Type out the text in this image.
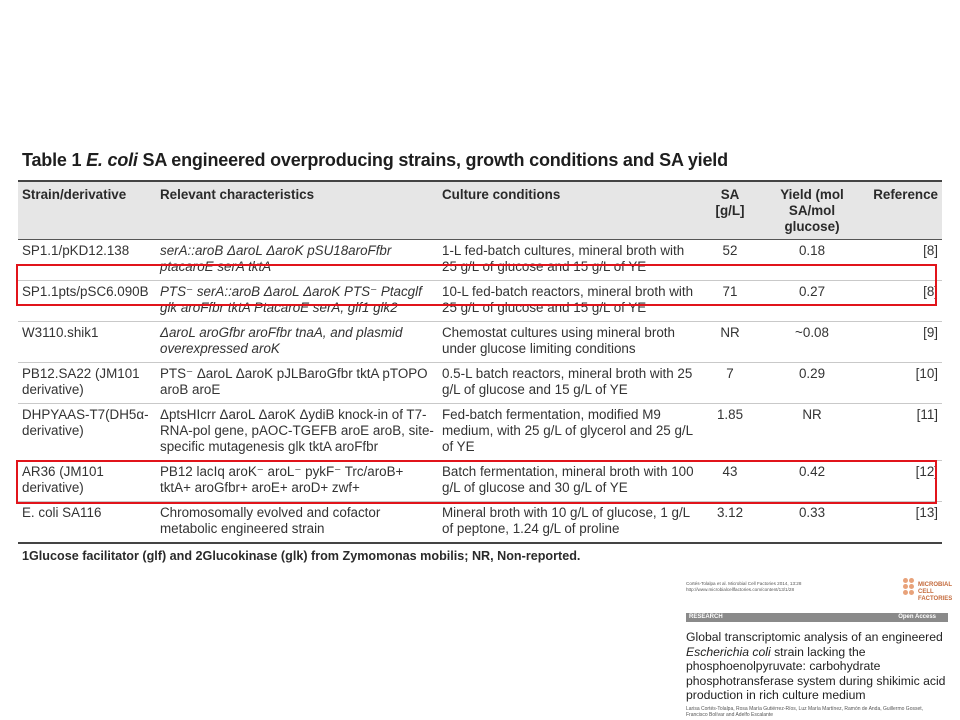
Table 1 E. coli SA engineered overproducing strains, growth conditions and SA yield
Strain/derivative	Relevant characteristics	Culture conditions	SA [g/L]	Yield (mol SA/mol glucose)	Reference
SP1.1/pKD12.138	serA::aroB ΔaroL ΔaroK pSU18aroFfbr ptacaroE serA tktA	1-L fed-batch cultures, mineral broth with 25 g/L of glucose and 15 g/L of YE	52	0.18	[8]
SP1.1pts/pSC6.090B	PTS⁻ serA::aroB ΔaroL ΔaroK PTS⁻ Ptacglf glk aroFfbr tktA PtacaroE serA, glf1 glk2	10-L fed-batch reactors, mineral broth with 25 g/L of glucose and 15 g/L of YE	71	0.27	[8]
W3110.shik1	ΔaroL aroGfbr aroFfbr tnaA, and plasmid overexpressed aroK	Chemostat cultures using mineral broth under glucose limiting conditions	NR	~0.08	[9]
PB12.SA22 (JM101 derivative)	PTS⁻ ΔaroL ΔaroK pJLBaroGfbr tktA pTOPO aroB aroE	0.5-L batch reactors, mineral broth with 25 g/L of glucose and 15 g/L of YE	7	0.29	[10]
DHPYAAS-T7(DH5α-derivative)	ΔptsHIcrr ΔaroL ΔaroK ΔydiB knock-in of T7-RNA-pol gene, pAOC-TGEFB aroE aroB, site-specific mutagenesis glk tktA aroFfbr	Fed-batch fermentation, modified M9 medium, with 25 g/L of glycerol and 25 g/L of YE	1.85	NR	[11]
AR36 (JM101 derivative)	PB12 lacIq aroK⁻ aroL⁻ pykF⁻ Trc/aroB+ tktA+ aroGfbr+ aroE+ aroD+ zwf+	Batch fermentation, mineral broth with 100 g/L of glucose and 30 g/L of YE	43	0.42	[12]
E. coli SA116	Chromosomally evolved and cofactor metabolic engineered strain	Mineral broth with 10 g/L of glucose, 1 g/L of peptone, 1.24 g/L of proline	3.12	0.33	[13]
1Glucose facilitator (glf) and 2Glucokinase (glk) from Zymomonas mobilis; NR, Non-reported.
Cortés-Tolalpa et al. Microbial Cell Factories 2014, 13:28 http://www.microbialcellfactories.com/content/13/1/28
MICROBIAL CELL FACTORIES
RESEARCH	Open Access
Global transcriptomic analysis of an engineered Escherichia coli strain lacking the phosphoenolpyruvate: carbohydrate phosphotransferase system during shikimic acid production in rich culture medium
Larisa Cortés-Tolalpa, Rosa María Gutiérrez-Ríos, Luz María Martínez, Ramón de Anda, Guillermo Gosset, Francisco Bolívar and Adelfo Escalante
